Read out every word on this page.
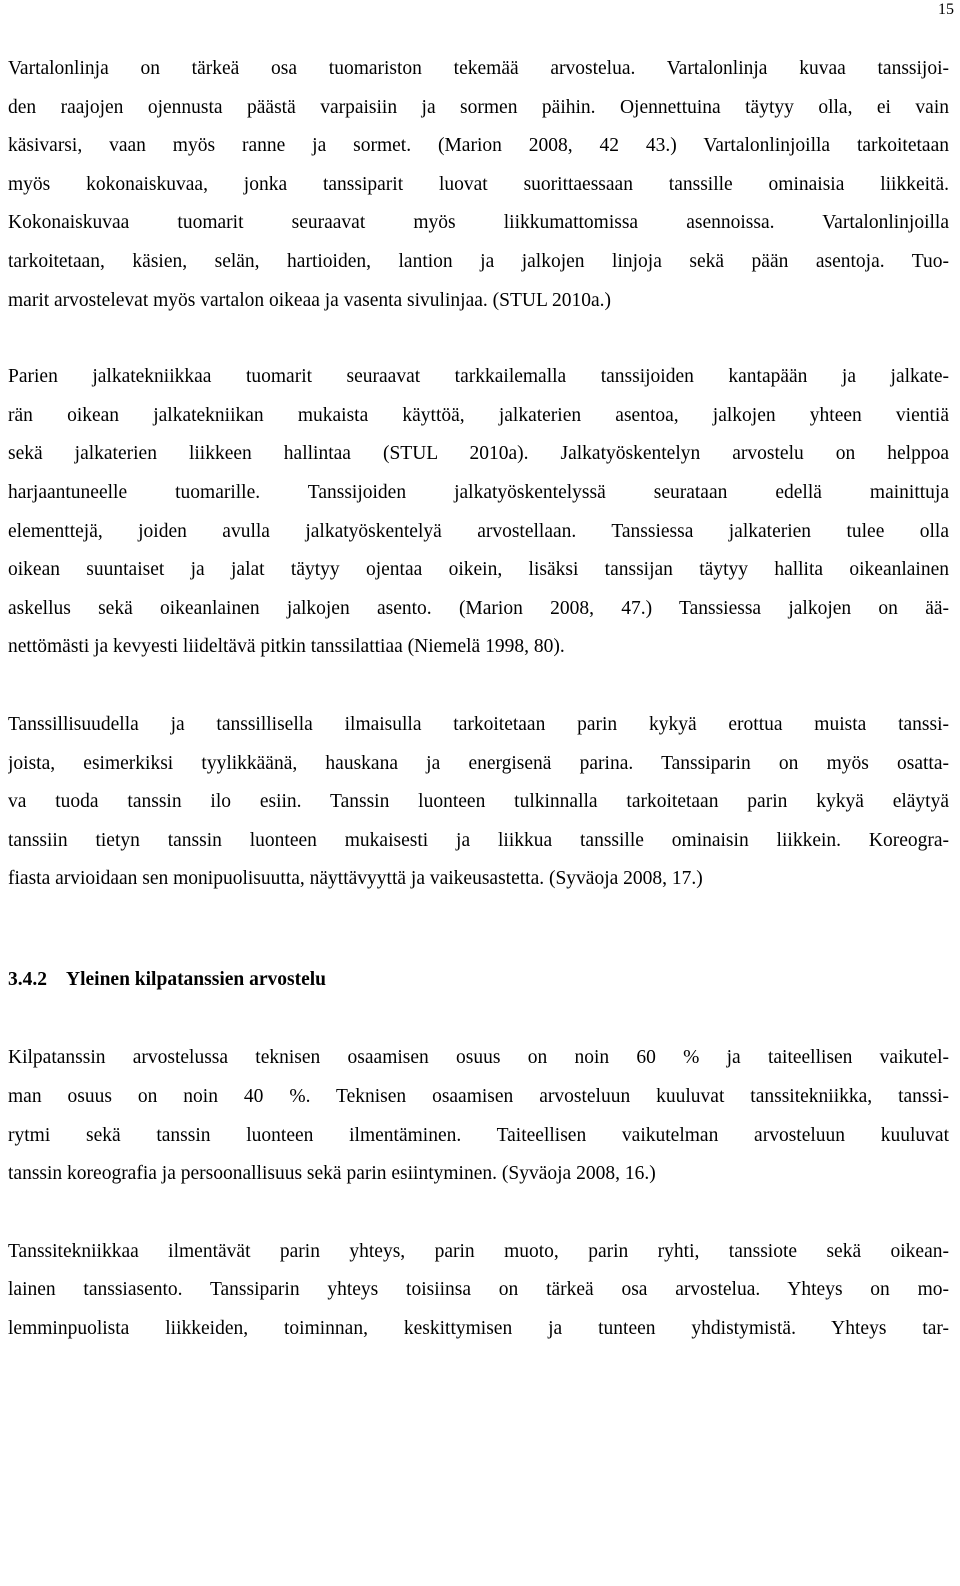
15

Vartalonlinja on tärkeä osa tuomariston tekemää arvostelua. Vartalonlinja kuvaa tanssijoi-
den raajojen ojennusta päästä varpaisiin ja sormen päihin. Ojennettuina täytyy olla, ei vain
käsivarsi, vaan myös ranne ja sormet. (Marion 2008, 42 43.) Vartalonlinjoilla tarkoitetaan
myös kokonaiskuvaa, jonka tanssiparit luovat suorittaessaan tanssille ominaisia liikkeitä.
Kokonaiskuvaa tuomarit seuraavat myös liikkumattomissa asennoissa. Vartalonlinjoilla
tarkoitetaan, käsien, selän, hartioiden, lantion ja jalkojen linjoja sekä pään asentoja. Tuo-
marit arvostelevat myös vartalon oikeaa ja vasenta sivulinjaa. (STUL 2010a.)

Parien jalkatekniikkaa tuomarit seuraavat tarkkailemalla tanssijoiden kantapään ja jalkate-
rän oikean jalkatekniikan mukaista käyttöä, jalkaterien asentoa, jalkojen yhteen vientiä
sekä jalkaterien liikkeen hallintaa (STUL 2010a). Jalkatyöskentelyn arvostelu on helppoa
harjaantuneelle tuomarille. Tanssijoiden jalkatyöskentelyssä seurataan edellä mainittuja
elementtejä, joiden avulla jalkatyöskentelyä arvostellaan. Tanssiessa jalkaterien tulee olla
oikean suuntaiset ja jalat täytyy ojentaa oikein, lisäksi tanssijan täytyy hallita oikeanlainen
askellus sekä oikeanlainen jalkojen asento. (Marion 2008, 47.) Tanssiessa jalkojen on ää-
nettömästi ja kevyesti liideltävä pitkin tanssilattiaa (Niemelä 1998, 80).

Tanssillisuudella ja tanssillisella ilmaisulla tarkoitetaan parin kykyä erottua muista tanssi-
joista, esimerkiksi tyylikkäänä, hauskana ja energisenä parina. Tanssiparin on myös osatta-
va tuoda tanssin ilo esiin. Tanssin luonteen tulkinnalla tarkoitetaan parin kykyä eläytyä
tanssiin tietyn tanssin luonteen mukaisesti ja liikkua tanssille ominaisin liikkein. Koreogra-
fiasta arvioidaan sen monipuolisuutta, näyttävyyttä ja vaikeusastetta. (Syväoja 2008, 17.)

3.4.2 Yleinen kilpatanssien arvostelu

Kilpatanssin arvostelussa teknisen osaamisen osuus on noin 60 % ja taiteellisen vaikutel-
man osuus on noin 40 %. Teknisen osaamisen arvosteluun kuuluvat tanssitekniikka, tanssi-
rytmi sekä tanssin luonteen ilmentäminen. Taiteellisen vaikutelman arvosteluun kuuluvat
tanssin koreografia ja persoonallisuus sekä parin esiintyminen. (Syväoja 2008, 16.)

Tanssitekniikkaa ilmentävät parin yhteys, parin muoto, parin ryhti, tanssiote sekä oikean-
lainen tanssiasento. Tanssiparin yhteys toisiinsa on tärkeä osa arvostelua. Yhteys on mo-
lemminpuolista liikkeiden, toiminnan, keskittymisen ja tunteen yhdistymistä. Yhteys tar-
